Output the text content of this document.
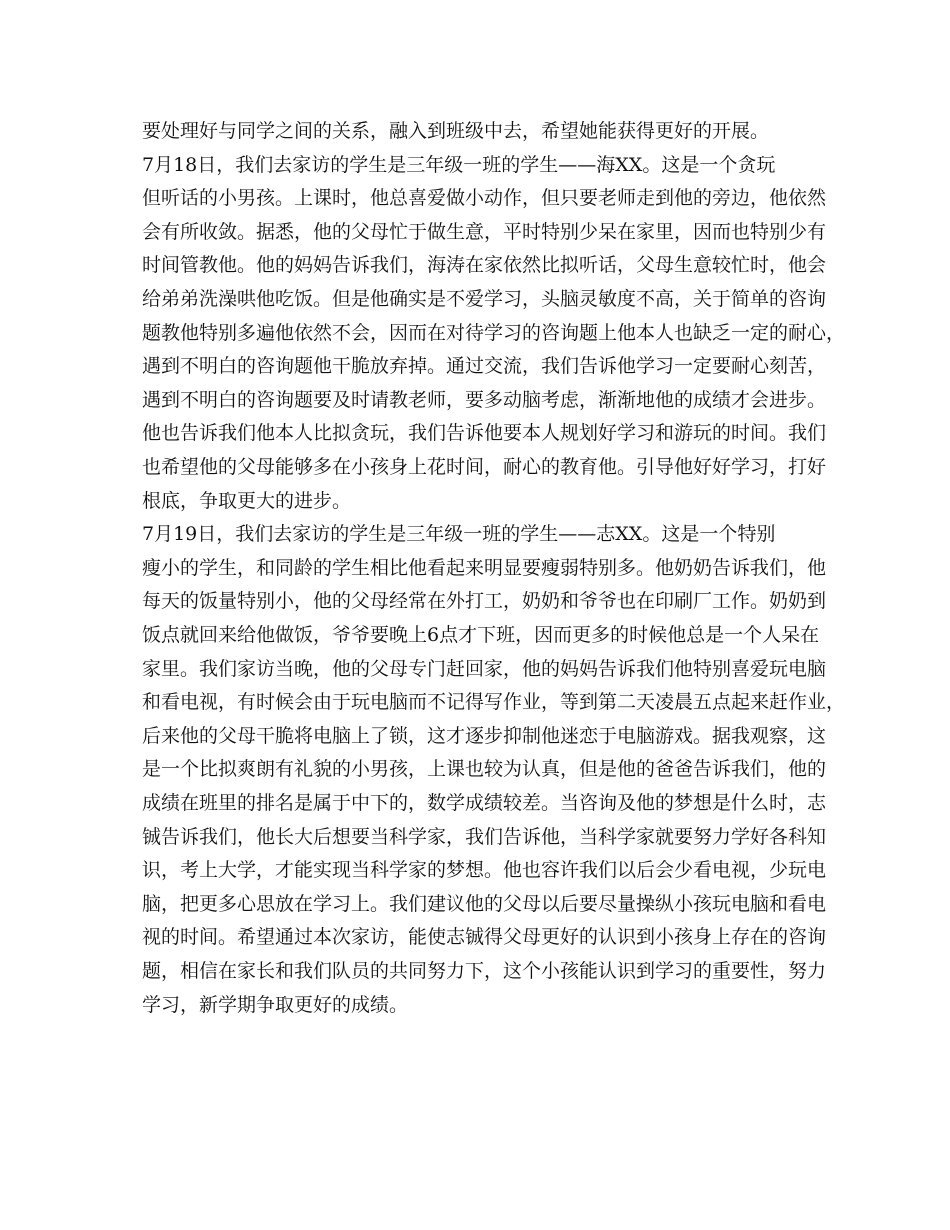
要处理好与同学之间的关系，融入到班级中去，希望她能获得更好的开展。
7月18日，我们去家访的学生是三年级一班的学生——海XX。这是一个贪玩
但听话的小男孩。上课时，他总喜爱做小动作，但只要老师走到他的旁边，他依然
会有所收敛。据悉，他的父母忙于做生意，平时特别少呆在家里，因而也特别少有
时间管教他。他的妈妈告诉我们，海涛在家依然比拟听话，父母生意较忙时，他会
给弟弟洗澡哄他吃饭。但是他确实是不爱学习，头脑灵敏度不高，关于简单的咨询
题教他特别多遍他依然不会，因而在对待学习的咨询题上他本人也缺乏一定的耐心，
遇到不明白的咨询题他干脆放弃掉。通过交流，我们告诉他学习一定要耐心刻苦，
遇到不明白的咨询题要及时请教老师，要多动脑考虑，渐渐地他的成绩才会进步。
他也告诉我们他本人比拟贪玩，我们告诉他要本人规划好学习和游玩的时间。我们
也希望他的父母能够多在小孩身上花时间，耐心的教育他。引导他好好学习，打好
根底，争取更大的进步。
7月19日，我们去家访的学生是三年级一班的学生——志XX。这是一个特别
瘦小的学生，和同龄的学生相比他看起来明显要瘦弱特别多。他奶奶告诉我们，他
每天的饭量特别小，他的父母经常在外打工，奶奶和爷爷也在印刷厂工作。奶奶到
饭点就回来给他做饭，爷爷要晚上6点才下班，因而更多的时候他总是一个人呆在
家里。我们家访当晚，他的父母专门赶回家，他的妈妈告诉我们他特别喜爱玩电脑
和看电视，有时候会由于玩电脑而不记得写作业，等到第二天凌晨五点起来赶作业，
后来他的父母干脆将电脑上了锁，这才逐步抑制他迷恋于电脑游戏。据我观察，这
是一个比拟爽朗有礼貌的小男孩，上课也较为认真，但是他的爸爸告诉我们，他的
成绩在班里的排名是属于中下的，数学成绩较差。当咨询及他的梦想是什么时，志
铖告诉我们，他长大后想要当科学家，我们告诉他，当科学家就要努力学好各科知
识，考上大学，才能实现当科学家的梦想。他也容许我们以后会少看电视，少玩电
脑，把更多心思放在学习上。我们建议他的父母以后要尽量操纵小孩玩电脑和看电
视的时间。希望通过本次家访，能使志铖得父母更好的认识到小孩身上存在的咨询
题，相信在家长和我们队员的共同努力下，这个小孩能认识到学习的重要性，努力
学习，新学期争取更好的成绩。
